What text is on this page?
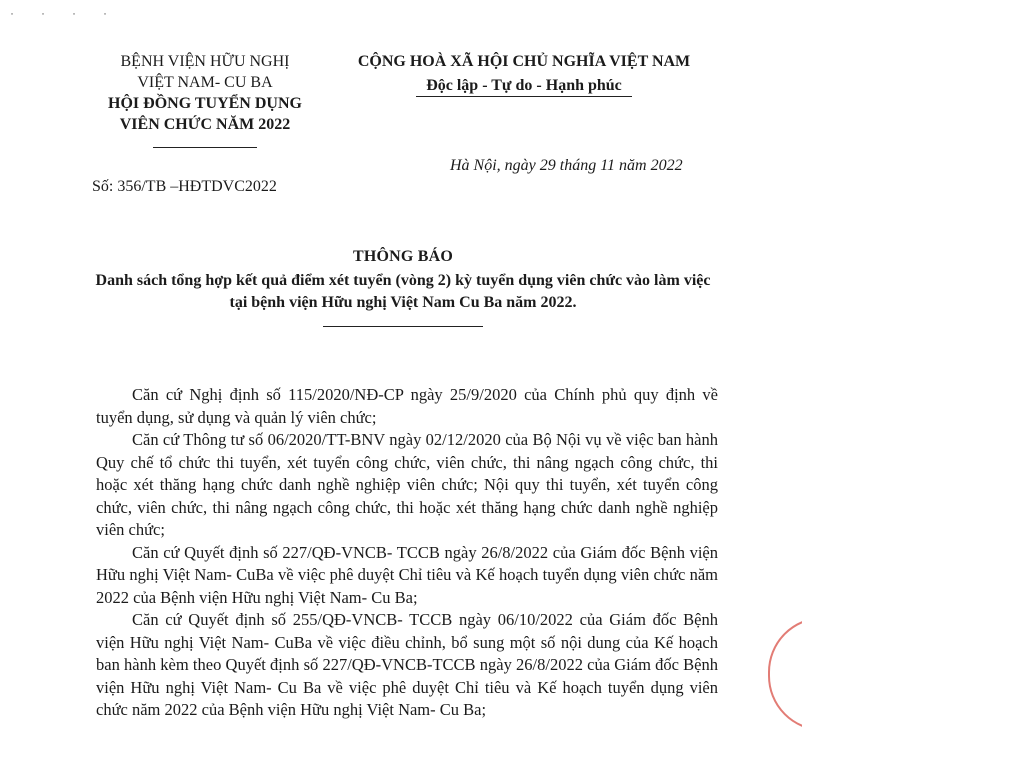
˙ ˙ ˙ ˙
BỆNH VIỆN HỮU NGHỊ
VIỆT NAM- CU BA
HỘI ĐỒNG TUYỂN DỤNG
VIÊN CHỨC NĂM 2022
CỘNG HOÀ XÃ HỘI CHỦ NGHĨA VIỆT NAM
Độc lập - Tự do - Hạnh phúc
Hà Nội, ngày 29 tháng 11 năm 2022
Số: 356/TB –HĐTDVC2022
THÔNG BÁO
Danh sách tổng hợp kết quả điểm xét tuyển (vòng 2) kỳ tuyển dụng viên chức vào làm việc tại bệnh viện Hữu nghị Việt Nam Cu Ba năm 2022.

Căn cứ Nghị định số 115/2020/NĐ-CP ngày 25/9/2020 của Chính phủ quy định về tuyển dụng, sử dụng và quản lý viên chức;

Căn cứ Thông tư số 06/2020/TT-BNV ngày 02/12/2020 của Bộ Nội vụ về việc ban hành Quy chế tổ chức thi tuyển, xét tuyển công chức, viên chức, thi nâng ngạch công chức, thi hoặc xét thăng hạng chức danh nghề nghiệp viên chức; Nội quy thi tuyển, xét tuyển công chức, viên chức, thi nâng ngạch công chức, thi hoặc xét thăng hạng chức danh nghề nghiệp viên chức;

Căn cứ Quyết định số 227/QĐ-VNCB- TCCB ngày 26/8/2022 của Giám đốc Bệnh viện Hữu nghị Việt Nam- CuBa về việc phê duyệt Chỉ tiêu và Kế hoạch tuyển dụng viên chức năm 2022 của Bệnh viện Hữu nghị Việt Nam- Cu Ba;

Căn cứ Quyết định số 255/QĐ-VNCB- TCCB ngày 06/10/2022 của Giám đốc Bệnh viện Hữu nghị Việt Nam- CuBa về việc điều chỉnh, bổ sung một số nội dung của Kế hoạch ban hành kèm theo Quyết định số 227/QĐ-VNCB-TCCB ngày 26/8/2022 của Giám đốc Bệnh viện Hữu nghị Việt Nam- Cu Ba về việc phê duyệt Chỉ tiêu và Kế hoạch tuyển dụng viên chức năm 2022 của Bệnh viện Hữu nghị Việt Nam- Cu Ba;
